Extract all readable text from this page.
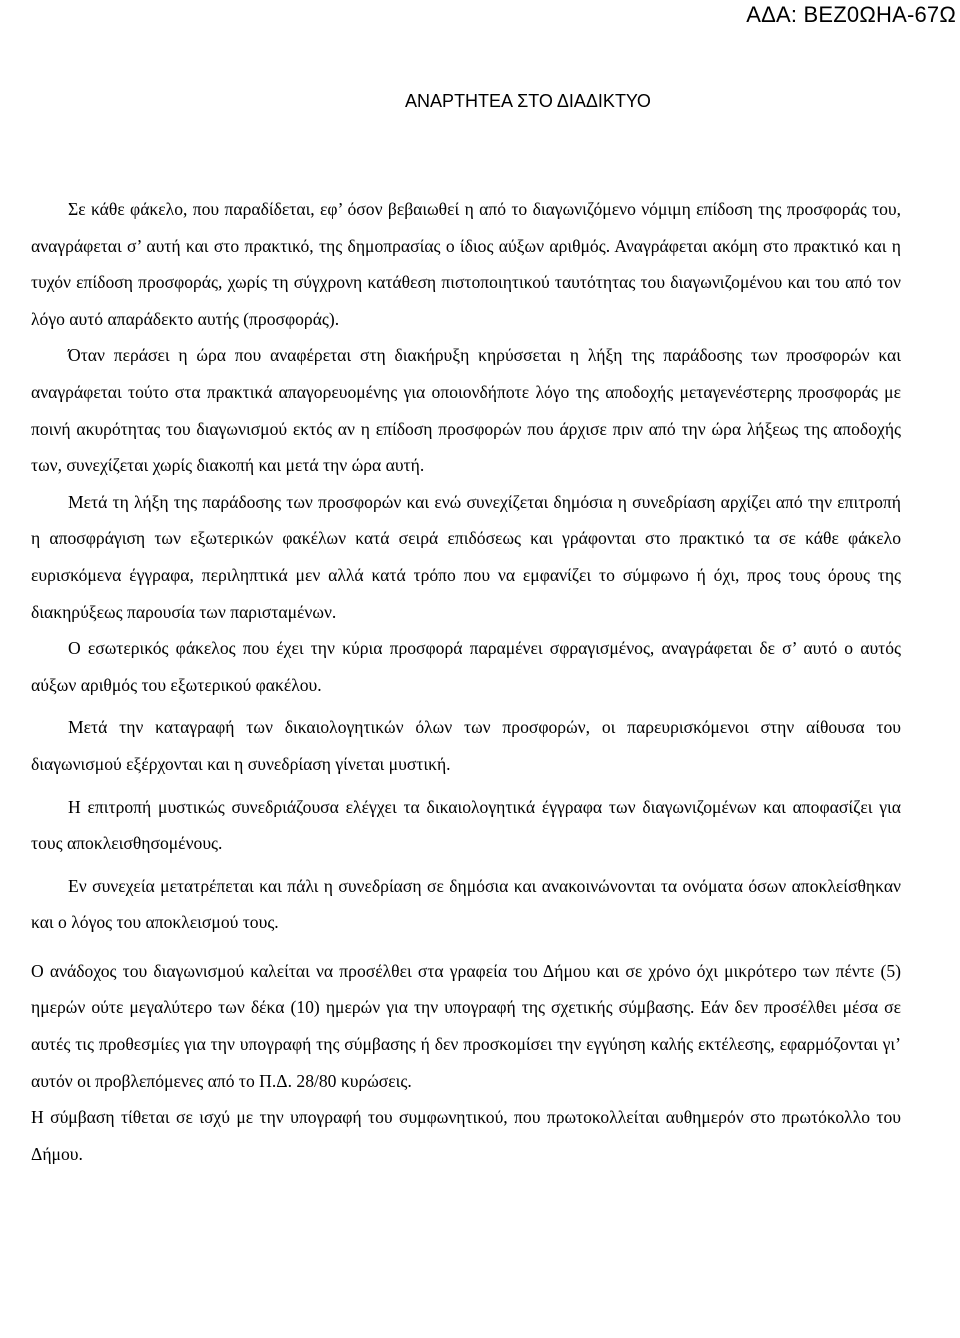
ΑΔΑ: ΒΕΖ0ΩΗΑ-67Ω
ΑΝΑΡΤΗΤΕΑ ΣΤΟ ΔΙΑΔΙΚΤΥΟ

Σε κάθε φάκελο, που παραδίδεται, εφ’ όσον βεβαιωθεί η από το διαγωνιζόμενο νόμιμη επίδοση της προσφοράς του, αναγράφεται σ’ αυτή και στο πρακτικό, της δημοπρασίας ο ίδιος αύξων αριθμός. Αναγράφεται ακόμη στο πρακτικό και η τυχόν επίδοση προσφοράς, χωρίς τη σύγχρονη κατάθεση πιστοποιητικού ταυτότητας του διαγωνιζομένου και του από τον λόγο αυτό απαράδεκτο αυτής (προσφοράς).

Όταν περάσει η ώρα που αναφέρεται στη διακήρυξη κηρύσσεται η λήξη της παράδοσης των προσφορών και αναγράφεται τούτο στα πρακτικά απαγορευομένης για οποιονδήποτε λόγο της αποδοχής μεταγενέστερης προσφοράς με ποινή ακυρότητας του διαγωνισμού εκτός αν η επίδοση προσφορών που άρχισε πριν από την ώρα λήξεως της αποδοχής των, συνεχίζεται χωρίς διακοπή και μετά την ώρα αυτή.

Μετά τη λήξη της παράδοσης των προσφορών και ενώ συνεχίζεται δημόσια η συνεδρίαση αρχίζει από την επιτροπή η αποσφράγιση των εξωτερικών φακέλων κατά σειρά επιδόσεως και γράφονται στο πρακτικό τα σε κάθε φάκελο ευρισκόμενα έγγραφα, περιληπτικά μεν αλλά κατά τρόπο που να εμφανίζει το σύμφωνο ή όχι, προς τους όρους της διακηρύξεως παρουσία των παρισταμένων.

Ο εσωτερικός φάκελος που έχει την κύρια προσφορά παραμένει σφραγισμένος, αναγράφεται δε σ’ αυτό ο αυτός αύξων αριθμός του εξωτερικού φακέλου.

Μετά την καταγραφή των δικαιολογητικών όλων των προσφορών, οι παρευρισκόμενοι στην αίθουσα του διαγωνισμού εξέρχονται και η συνεδρίαση γίνεται μυστική.

Η επιτροπή μυστικώς συνεδριάζουσα ελέγχει τα δικαιολογητικά έγγραφα των διαγωνιζομένων και αποφασίζει για τους αποκλεισθησομένους.

Εν συνεχεία μετατρέπεται και πάλι η συνεδρίαση σε δημόσια και ανακοινώνονται τα ονόματα όσων αποκλείσθηκαν και ο λόγος του αποκλεισμού τους.

Ο ανάδοχος του διαγωνισμού καλείται να προσέλθει στα γραφεία του Δήμου και σε χρόνο όχι μικρότερο των πέντε (5) ημερών ούτε μεγαλύτερο των δέκα (10) ημερών για την υπογραφή της σχετικής σύμβασης. Εάν δεν προσέλθει μέσα σε αυτές τις προθεσμίες για την υπογραφή της σύμβασης ή δεν προσκομίσει την εγγύηση καλής εκτέλεσης, εφαρμόζονται γι’ αυτόν οι προβλεπόμενες από το Π.Δ. 28/80 κυρώσεις.

Η σύμβαση τίθεται σε ισχύ με την υπογραφή του συμφωνητικού, που πρωτοκολλείται αυθημερόν στο πρωτόκολλο του Δήμου.
